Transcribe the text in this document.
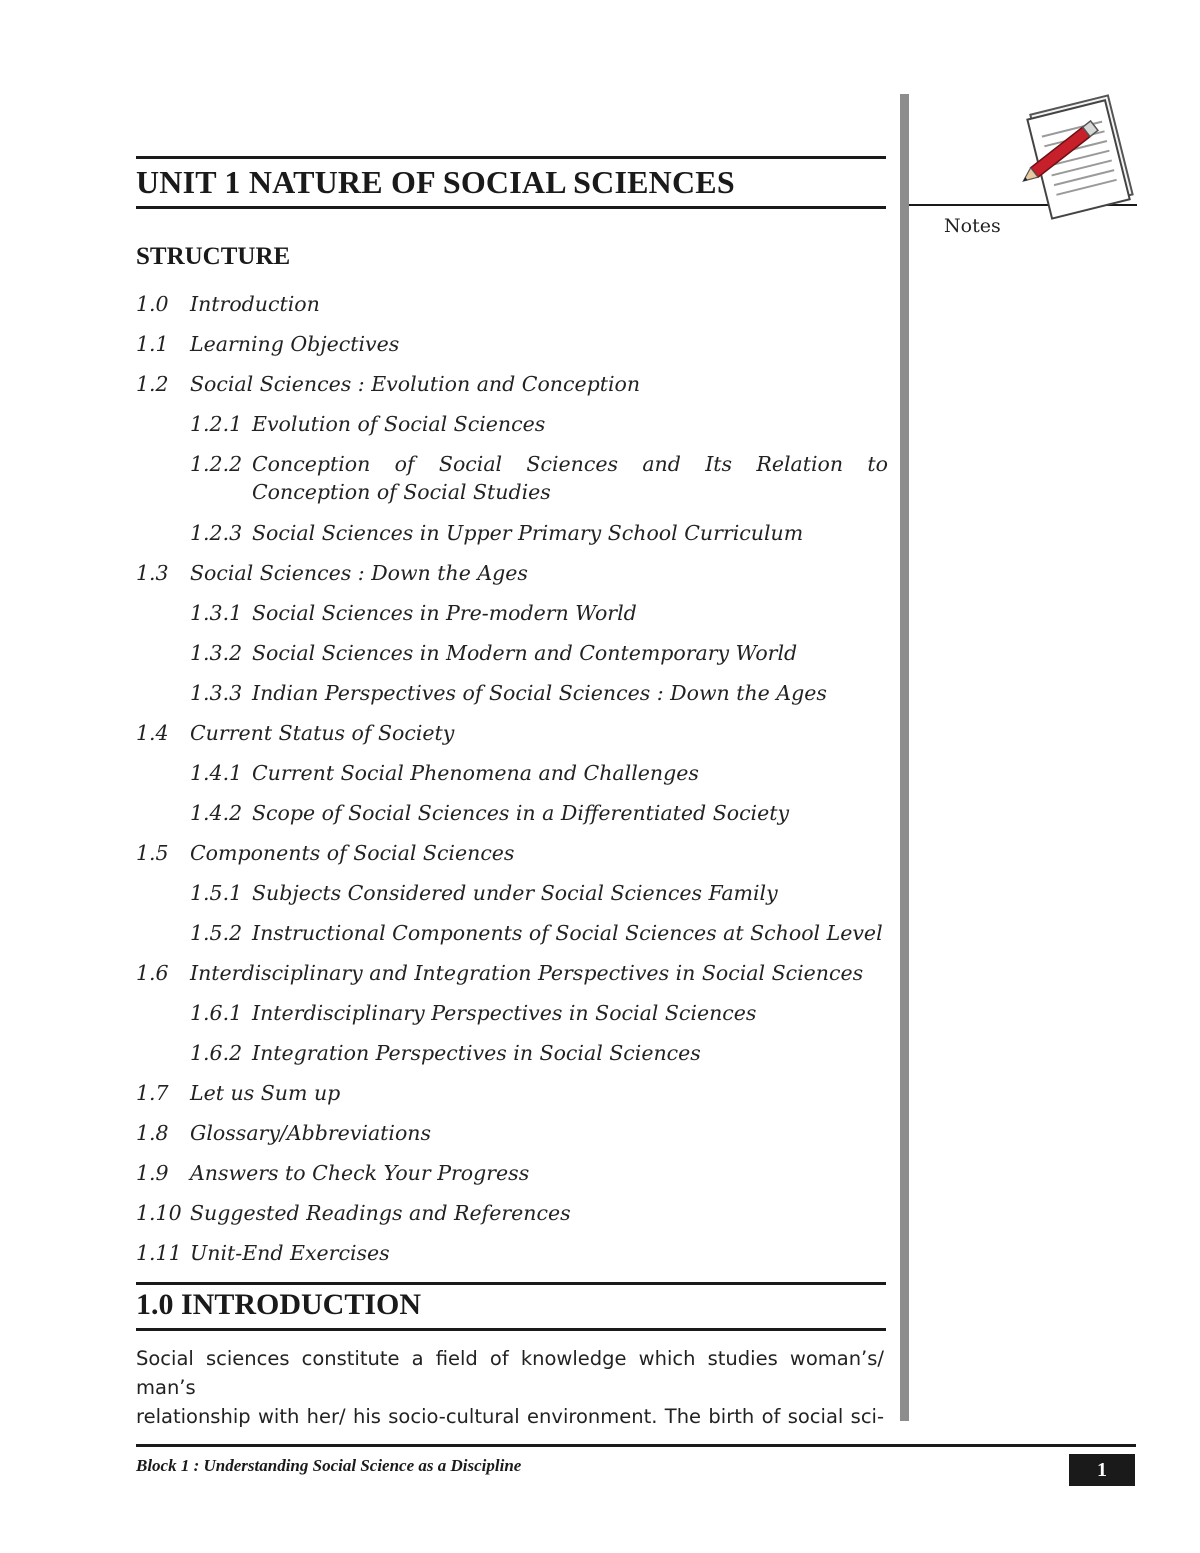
UNIT 1 NATURE OF SOCIAL SCIENCES
STRUCTURE
1.0 Introduction
1.1 Learning Objectives
1.2 Social Sciences : Evolution and Conception
1.2.1 Evolution of Social Sciences
1.2.2 Conception of Social Sciences and Its Relation to Conception of Social Studies
1.2.3 Social Sciences in Upper Primary School Curriculum
1.3 Social Sciences : Down the Ages
1.3.1 Social Sciences in Pre-modern World
1.3.2 Social Sciences in Modern and Contemporary World
1.3.3 Indian Perspectives of Social Sciences : Down the Ages
1.4 Current Status of Society
1.4.1 Current Social Phenomena and Challenges
1.4.2 Scope of Social Sciences in a Differentiated Society
1.5 Components of Social Sciences
1.5.1 Subjects Considered under Social Sciences Family
1.5.2 Instructional Components of Social Sciences at School Level
1.6 Interdisciplinary and Integration Perspectives in Social Sciences
1.6.1 Interdisciplinary Perspectives in Social Sciences
1.6.2 Integration Perspectives in Social Sciences
1.7 Let us Sum up
1.8 Glossary/Abbreviations
1.9 Answers to Check Your Progress
1.10 Suggested Readings and References
1.11 Unit-End Exercises
1.0 INTRODUCTION
Social sciences constitute a field of knowledge which studies woman’s/ man’s
relationship with her/ his socio-cultural environment. The birth of social sci-

Notes

Block 1 : Understanding Social Science as a Discipline	1
